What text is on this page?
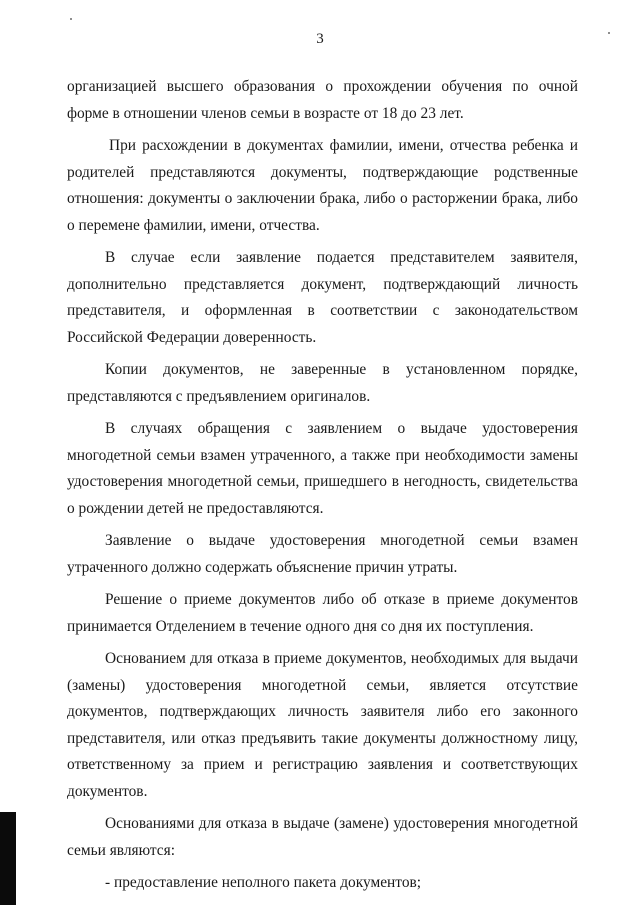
3

организацией высшего образования о прохождении обучения по очной форме в отношении членов семьи в возрасте от 18 до 23 лет.

При расхождении в документах фамилии, имени, отчества ребенка и родителей представляются документы, подтверждающие родственные отношения: документы о заключении брака, либо о расторжении брака, либо о перемене фамилии, имени, отчества.

В случае если заявление подается представителем заявителя, дополнительно представляется документ, подтверждающий личность представителя, и оформленная в соответствии с законодательством Российской Федерации доверенность.

Копии документов, не заверенные в установленном порядке, представляются с предъявлением оригиналов.

В случаях обращения с заявлением о выдаче удостоверения многодетной семьи взамен утраченного, а также при необходимости замены удостоверения многодетной семьи, пришедшего в негодность, свидетельства о рождении детей не предоставляются.

Заявление о выдаче удостоверения многодетной семьи взамен утраченного должно содержать объяснение причин утраты.

Решение о приеме документов либо об отказе в приеме документов принимается Отделением в течение одного дня со дня их поступления.

Основанием для отказа в приеме документов, необходимых для выдачи (замены) удостоверения многодетной семьи, является отсутствие документов, подтверждающих личность заявителя либо его законного представителя, или отказ предъявить такие документы должностному лицу, ответственному за прием и регистрацию заявления и соответствующих документов.

Основаниями для отказа в выдаче (замене) удостоверения многодетной семьи являются:

- предоставление неполного пакета документов;
